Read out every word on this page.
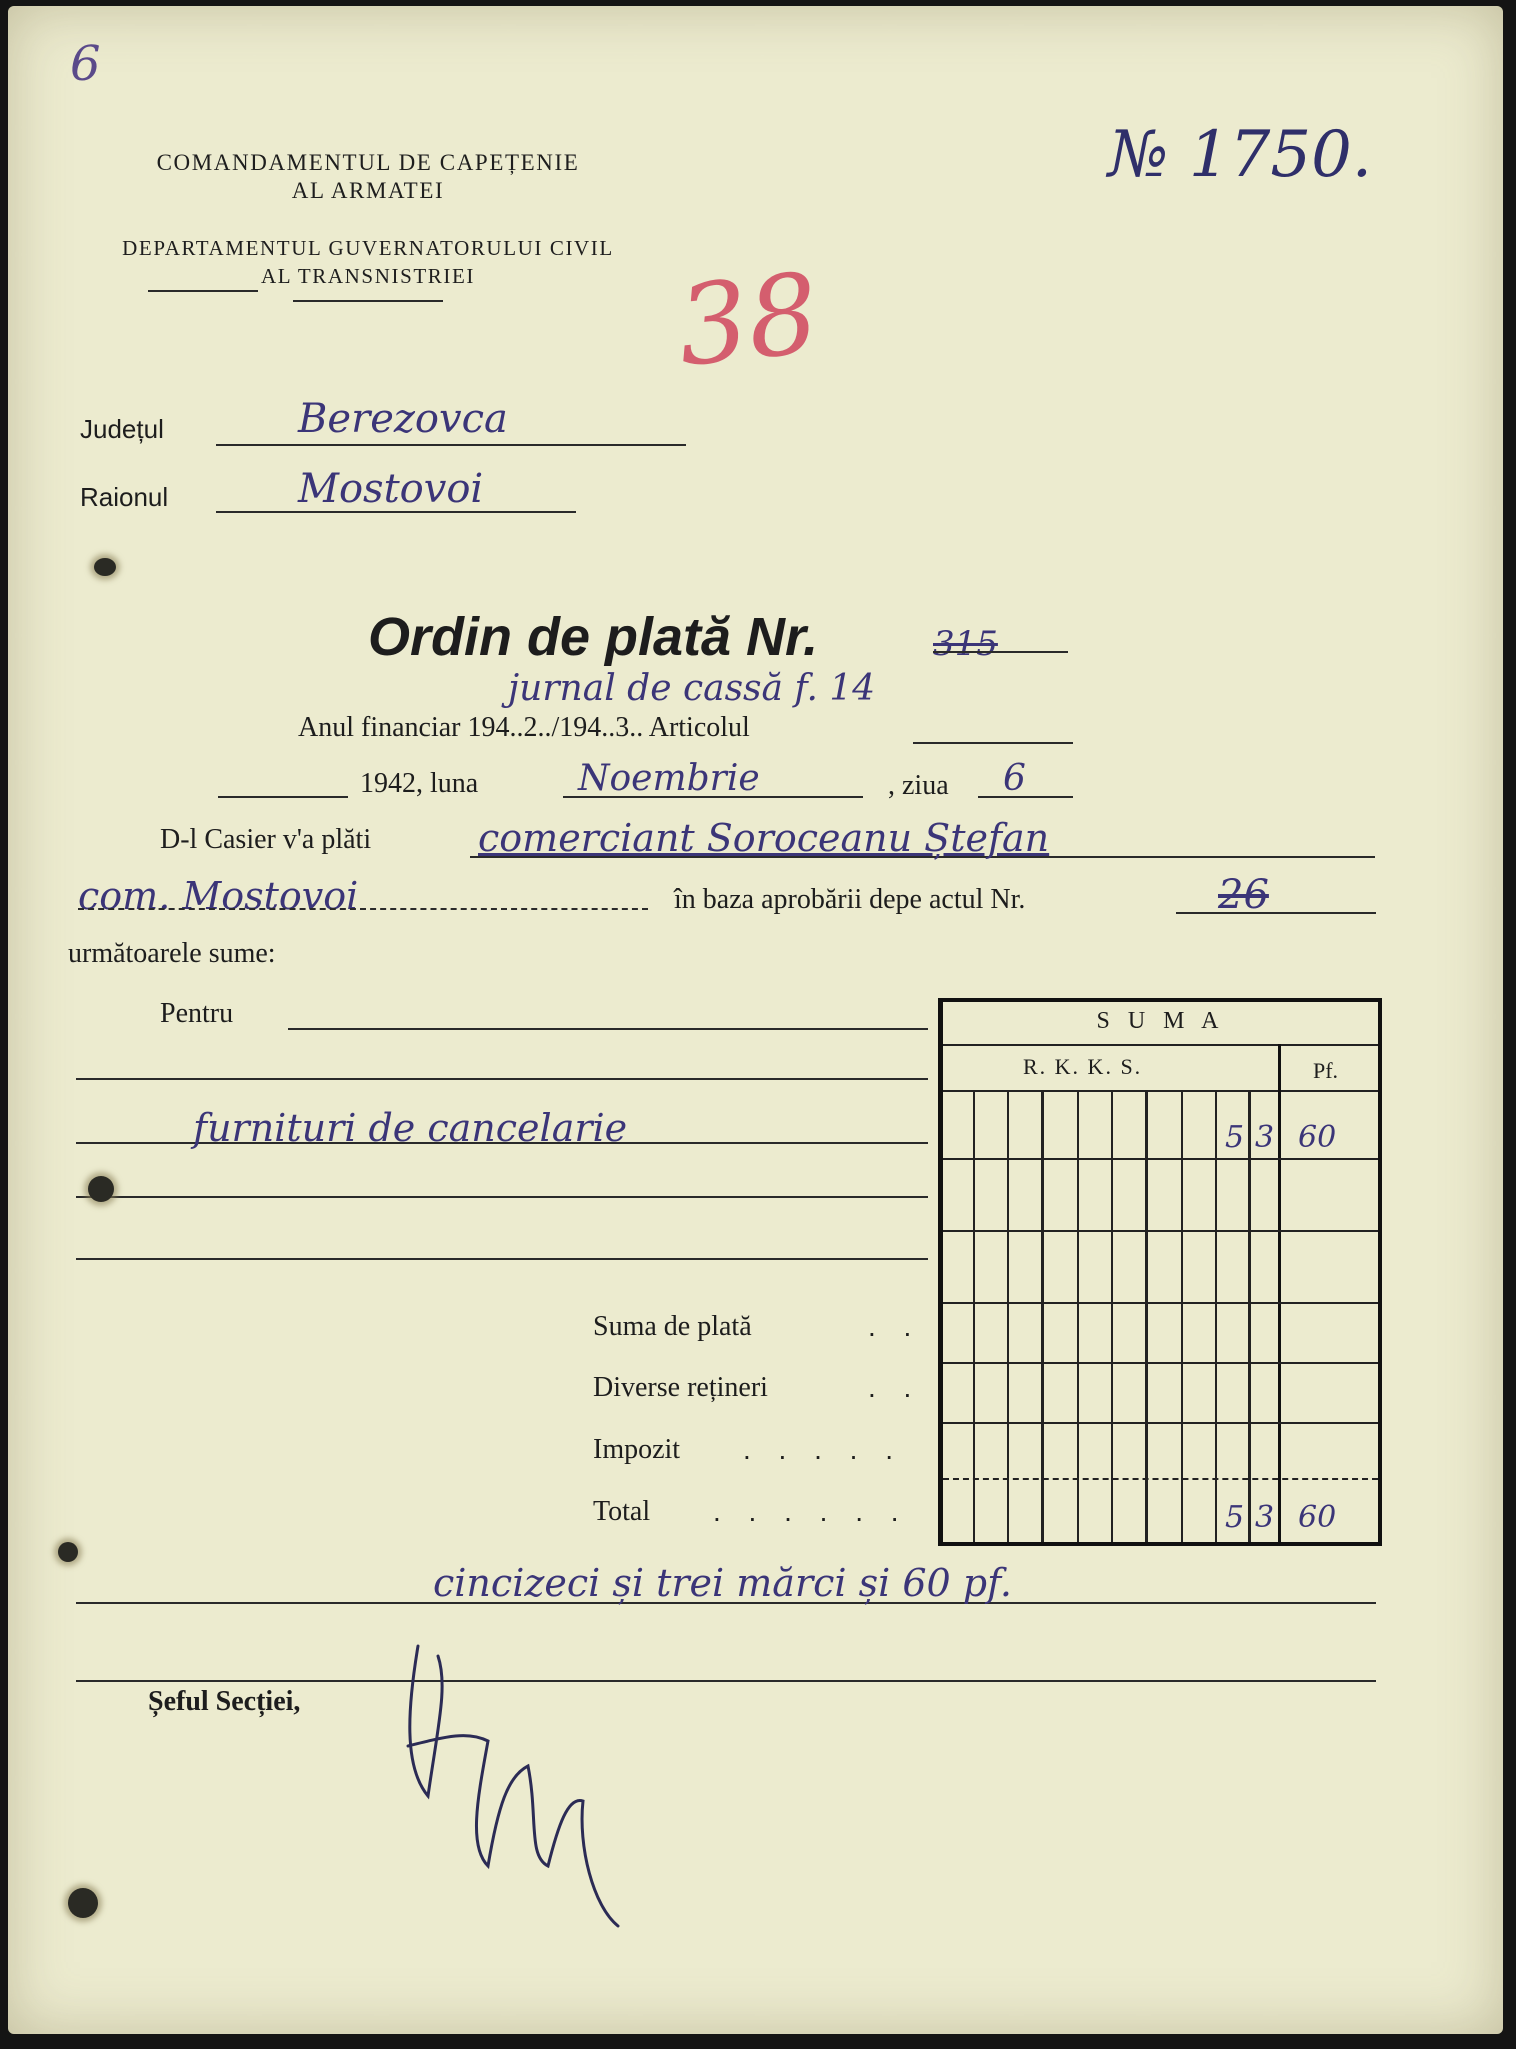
6
COMANDAMENTUL DE CAPEȚENIE
AL ARMATEI
DEPARTAMENTUL GUVERNATORULUI CIVIL
AL TRANSNISTRIEI
№ 1750.
38
Județul	Berezovca
Raionul	Mostovoi
Ordin de plată Nr.	315
jurnal de cassă f. 14
Anul financiar 194..2../194..3.. Articolul
1942, luna	Noembrie	, ziua 6
D-l Casier v'a plăti	comerciant Soroceanu Ștefan
com. Mostovoi	în baza aprobării depe actul Nr.	26
următoarele sume:
Pentru
furnituri de cancelarie
S U M A
R. K. K. S.	Pf.
5 3 60
5 3 60
Suma de plată	. .
Diverse rețineri	. .
Impozit . . . . .
Total . . . . . .
cincizeci și trei mărci și 60 pf.
Șeful Secției,
